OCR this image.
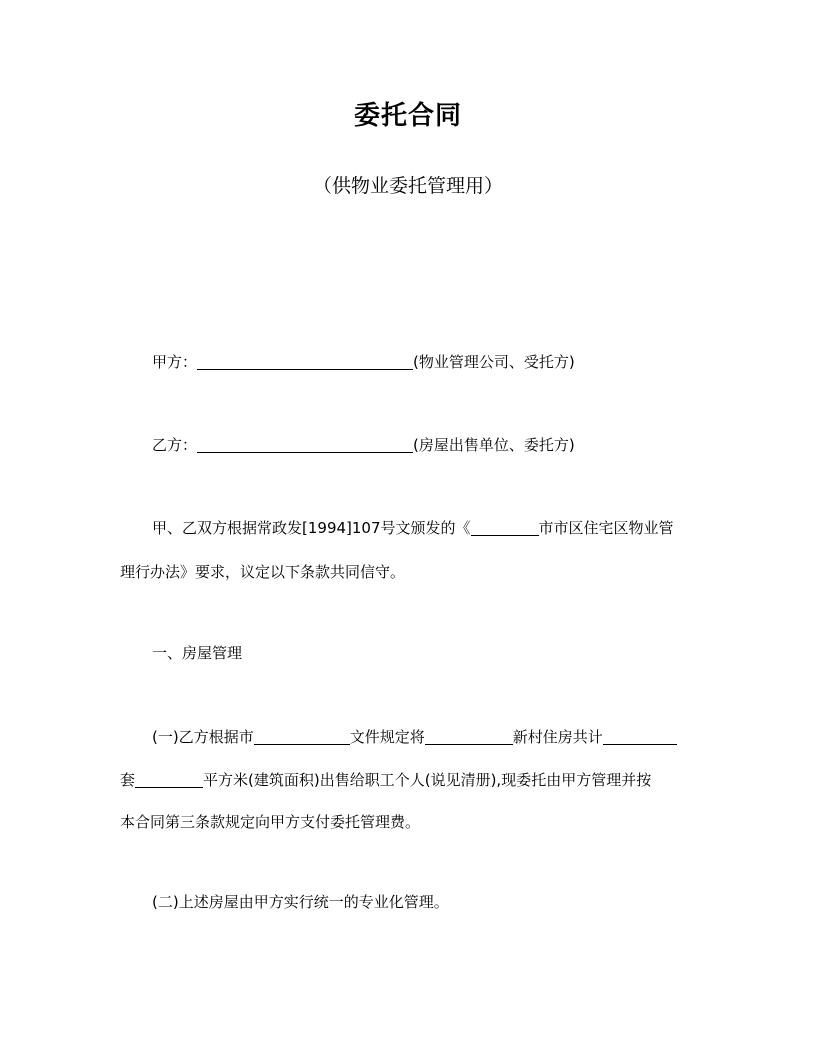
委托合同
（供物业委托管理用）
甲方：	(物业管理公司、受托方)
乙方：	(房屋出售单位、委托方)
甲、乙双方根据常政发[1994]107号文颁发的《	市市区住宅区物业管
理行办法》要求，议定以下条款共同信守。
一、房屋管理
(一)乙方根据市	文件规定将	新村住房共计
套	平方米(建筑面积)出售给职工个人(说见清册),现委托由甲方管理并按
本合同第三条款规定向甲方支付委托管理费。
(二)上述房屋由甲方实行统一的专业化管理。
